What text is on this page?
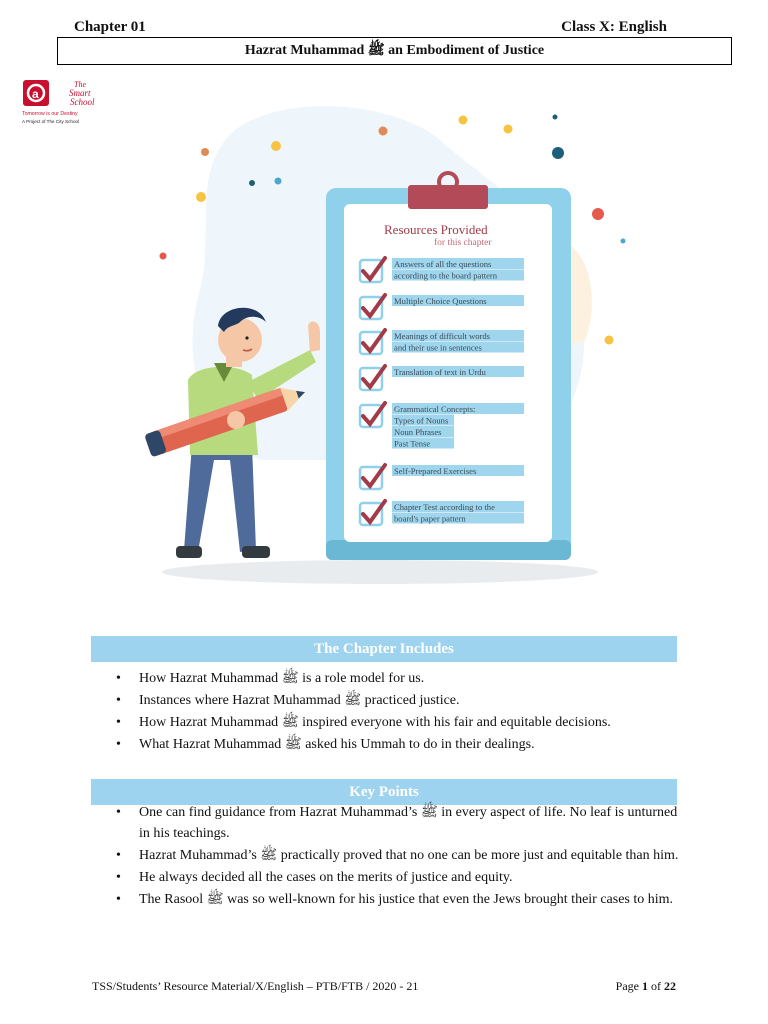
Chapter 01	Class X: English
Hazrat Muhammad ﷺ an Embodiment of Justice
a
The
Smart
School
Tomorrow is our Destiny
A Project of The City School
Resources Provided
for this chapter
Answers of all the questions
according to the board pattern
Multiple Choice Questions
Meanings of difficult words
and their use in sentences
Translation of text in Urdu
Grammatical Concepts:
Types of Nouns
Noun Phrases
Past Tense
Self-Prepared Exercises
Chapter Test according to the
board's paper pattern
The Chapter Includes
• How Hazrat Muhammad ﷺ is a role model for us.
• Instances where Hazrat Muhammad ﷺ practiced justice.
• How Hazrat Muhammad ﷺ inspired everyone with his fair and equitable decisions.
• What Hazrat Muhammad ﷺ asked his Ummah to do in their dealings.
Key Points
• One can find guidance from Hazrat Muhammad’s ﷺ in every aspect of life. No leaf is unturned in his teachings.
• Hazrat Muhammad’s ﷺ practically proved that no one can be more just and equitable than him.
• He always decided all the cases on the merits of justice and equity.
• The Rasool ﷺ was so well-known for his justice that even the Jews brought their cases to him.
TSS/Students’ Resource Material/X/English – PTB/FTB / 2020 - 21	Page 1 of 22
